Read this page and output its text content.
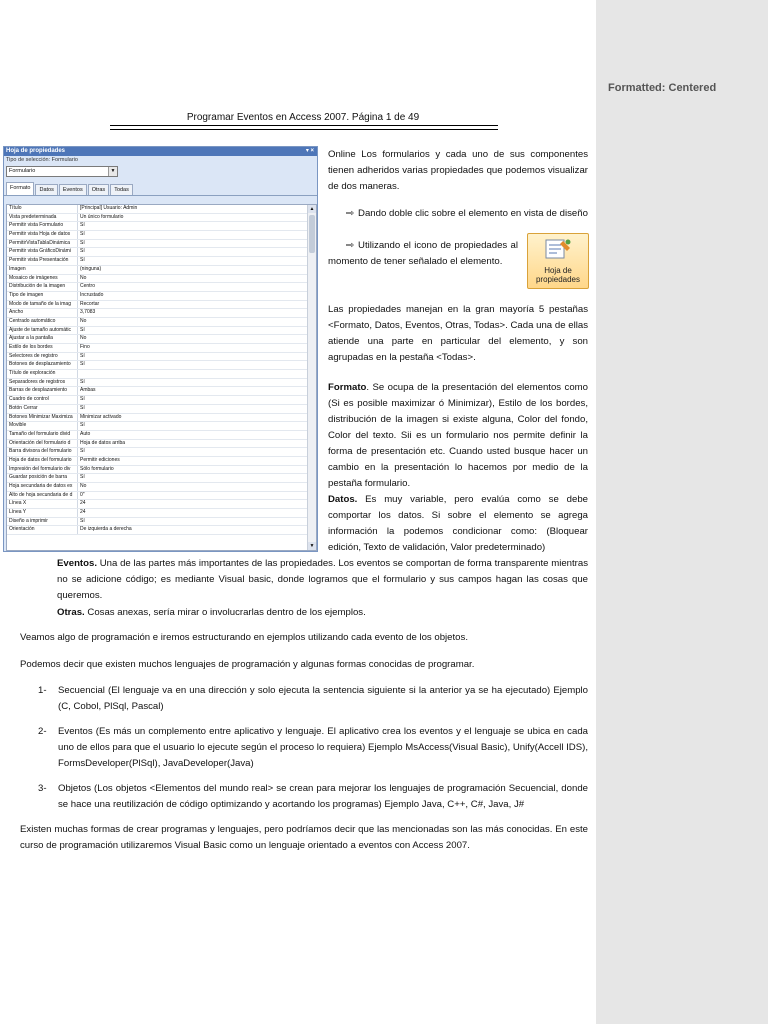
Programar Eventos en Access 2007. Página 1 de 49
Hoja de propiedades	▾ ×
Tipo de selección: Formulario
Formulario	▼
Formato	Datos	Eventos	Otras	Todas
Título	[Principal] Usuario: Admin
Vista predeterminada	Un único formulario
Permitir vista Formulario	Sí
Permitir vista Hoja de datos	Sí
PermitirVistaTablaDinámica	Sí
Permitir vista GráficoDinámi	Sí
Permitir vista Presentación	Sí
Imagen	(ninguna)
Mosaico de imágenes	No
Distribución de la imagen	Centro
Tipo de imagen	Incrustado
Modo de tamaño de la imag	Recortar
Ancho	3,7083
Centrado automático	No
Ajuste de tamaño automátic	Sí
Ajustar a la pantalla	No
Estilo de los bordes	Fino
Selectores de registro	Sí
Botones de desplazamiento	Sí
Título de exploración
Separadores de registros	Sí
Barras de desplazamiento	Ambas
Cuadro de control	Sí
Botón Cerrar	Sí
Botones Minimizar Maximiza	Minimizar activado
Movible	Sí
Tamaño del formulario divid	Auto
Orientación del formulario d	Hoja de datos arriba
Barra divisora del formulario	Sí
Hoja de datos del formulario	Permitir ediciones
Impresión del formulario div	Sólo formulario
Guardar posición de barra	Sí
Hoja secundaria de datos ex	No
Alto de hoja secundaria de d	0"
Línea X	24
Línea Y	24
Diseño a imprimir	Sí
Orientación	De izquierda a derecha
▲
▼
Online Los formularios y cada uno de sus componentes tienen adheridos varias propiedades que podemos visualizar de dos maneras.
⇨ Dando doble clic sobre el elemento en vista de diseño
⇨ Utilizando el icono de propiedades al momento de tener señalado el elemento.
Hoja de propiedades
Las propiedades manejan en la gran mayoría 5 pestañas <Formato, Datos, Eventos, Otras, Todas>. Cada una de ellas atiende una parte en particular del elemento, y son agrupadas en la pestaña <Todas>.
Formato. Se ocupa de la presentación del elementos como (Si es posible maximizar ó Minimizar), Estilo de los bordes, distribución de la imagen si existe alguna, Color del fondo, Color del texto. Sii es un formulario nos permite definir la forma de presentación etc. Cuando usted busque hacer un cambio en la presentación lo hacemos por medio de la pestaña formulario.
Datos. Es muy variable, pero evalúa como se debe comportar los datos. Si sobre el elemento se agrega información la podemos condicionar como: (Bloquear edición, Texto de validación, Valor predeterminado)
Eventos. Una de las partes más importantes de las propiedades. Los eventos se comportan de forma transparente mientras no se adicione código; es mediante Visual basic, donde logramos que el formulario y sus campos hagan las cosas que queremos.
Otras. Cosas anexas, sería mirar o involucrarlas dentro de los ejemplos.
Veamos algo de programación e iremos estructurando en ejemplos utilizando cada evento de los objetos.
Podemos decir que existen muchos lenguajes de programación y algunas formas conocidas de programar.
1- Secuencial (El lenguaje va en una dirección y solo ejecuta la sentencia siguiente si la anterior ya se ha ejecutado) Ejemplo (C, Cobol, PlSql, Pascal)
2- Eventos (Es más un complemento entre aplicativo y lenguaje. El aplicativo crea los eventos y el lenguaje se ubica en cada uno de ellos para que el usuario lo ejecute según el proceso lo requiera) Ejemplo MsAccess(Visual Basic), Unify(Accell IDS), FormsDeveloper(PlSql), JavaDeveloper(Java)
3- Objetos (Los objetos <Elementos del mundo real> se crean para mejorar los lenguajes de programación Secuencial, donde se hace una reutilización de código optimizando y acortando los programas) Ejemplo Java, C++, C#, Java, J#
Existen muchas formas de crear programas y lenguajes, pero podríamos decir que las mencionadas son las más conocidas. En este curso de programación utilizaremos Visual Basic como un lenguaje orientado a eventos con Access 2007.
Formatted: Centered
